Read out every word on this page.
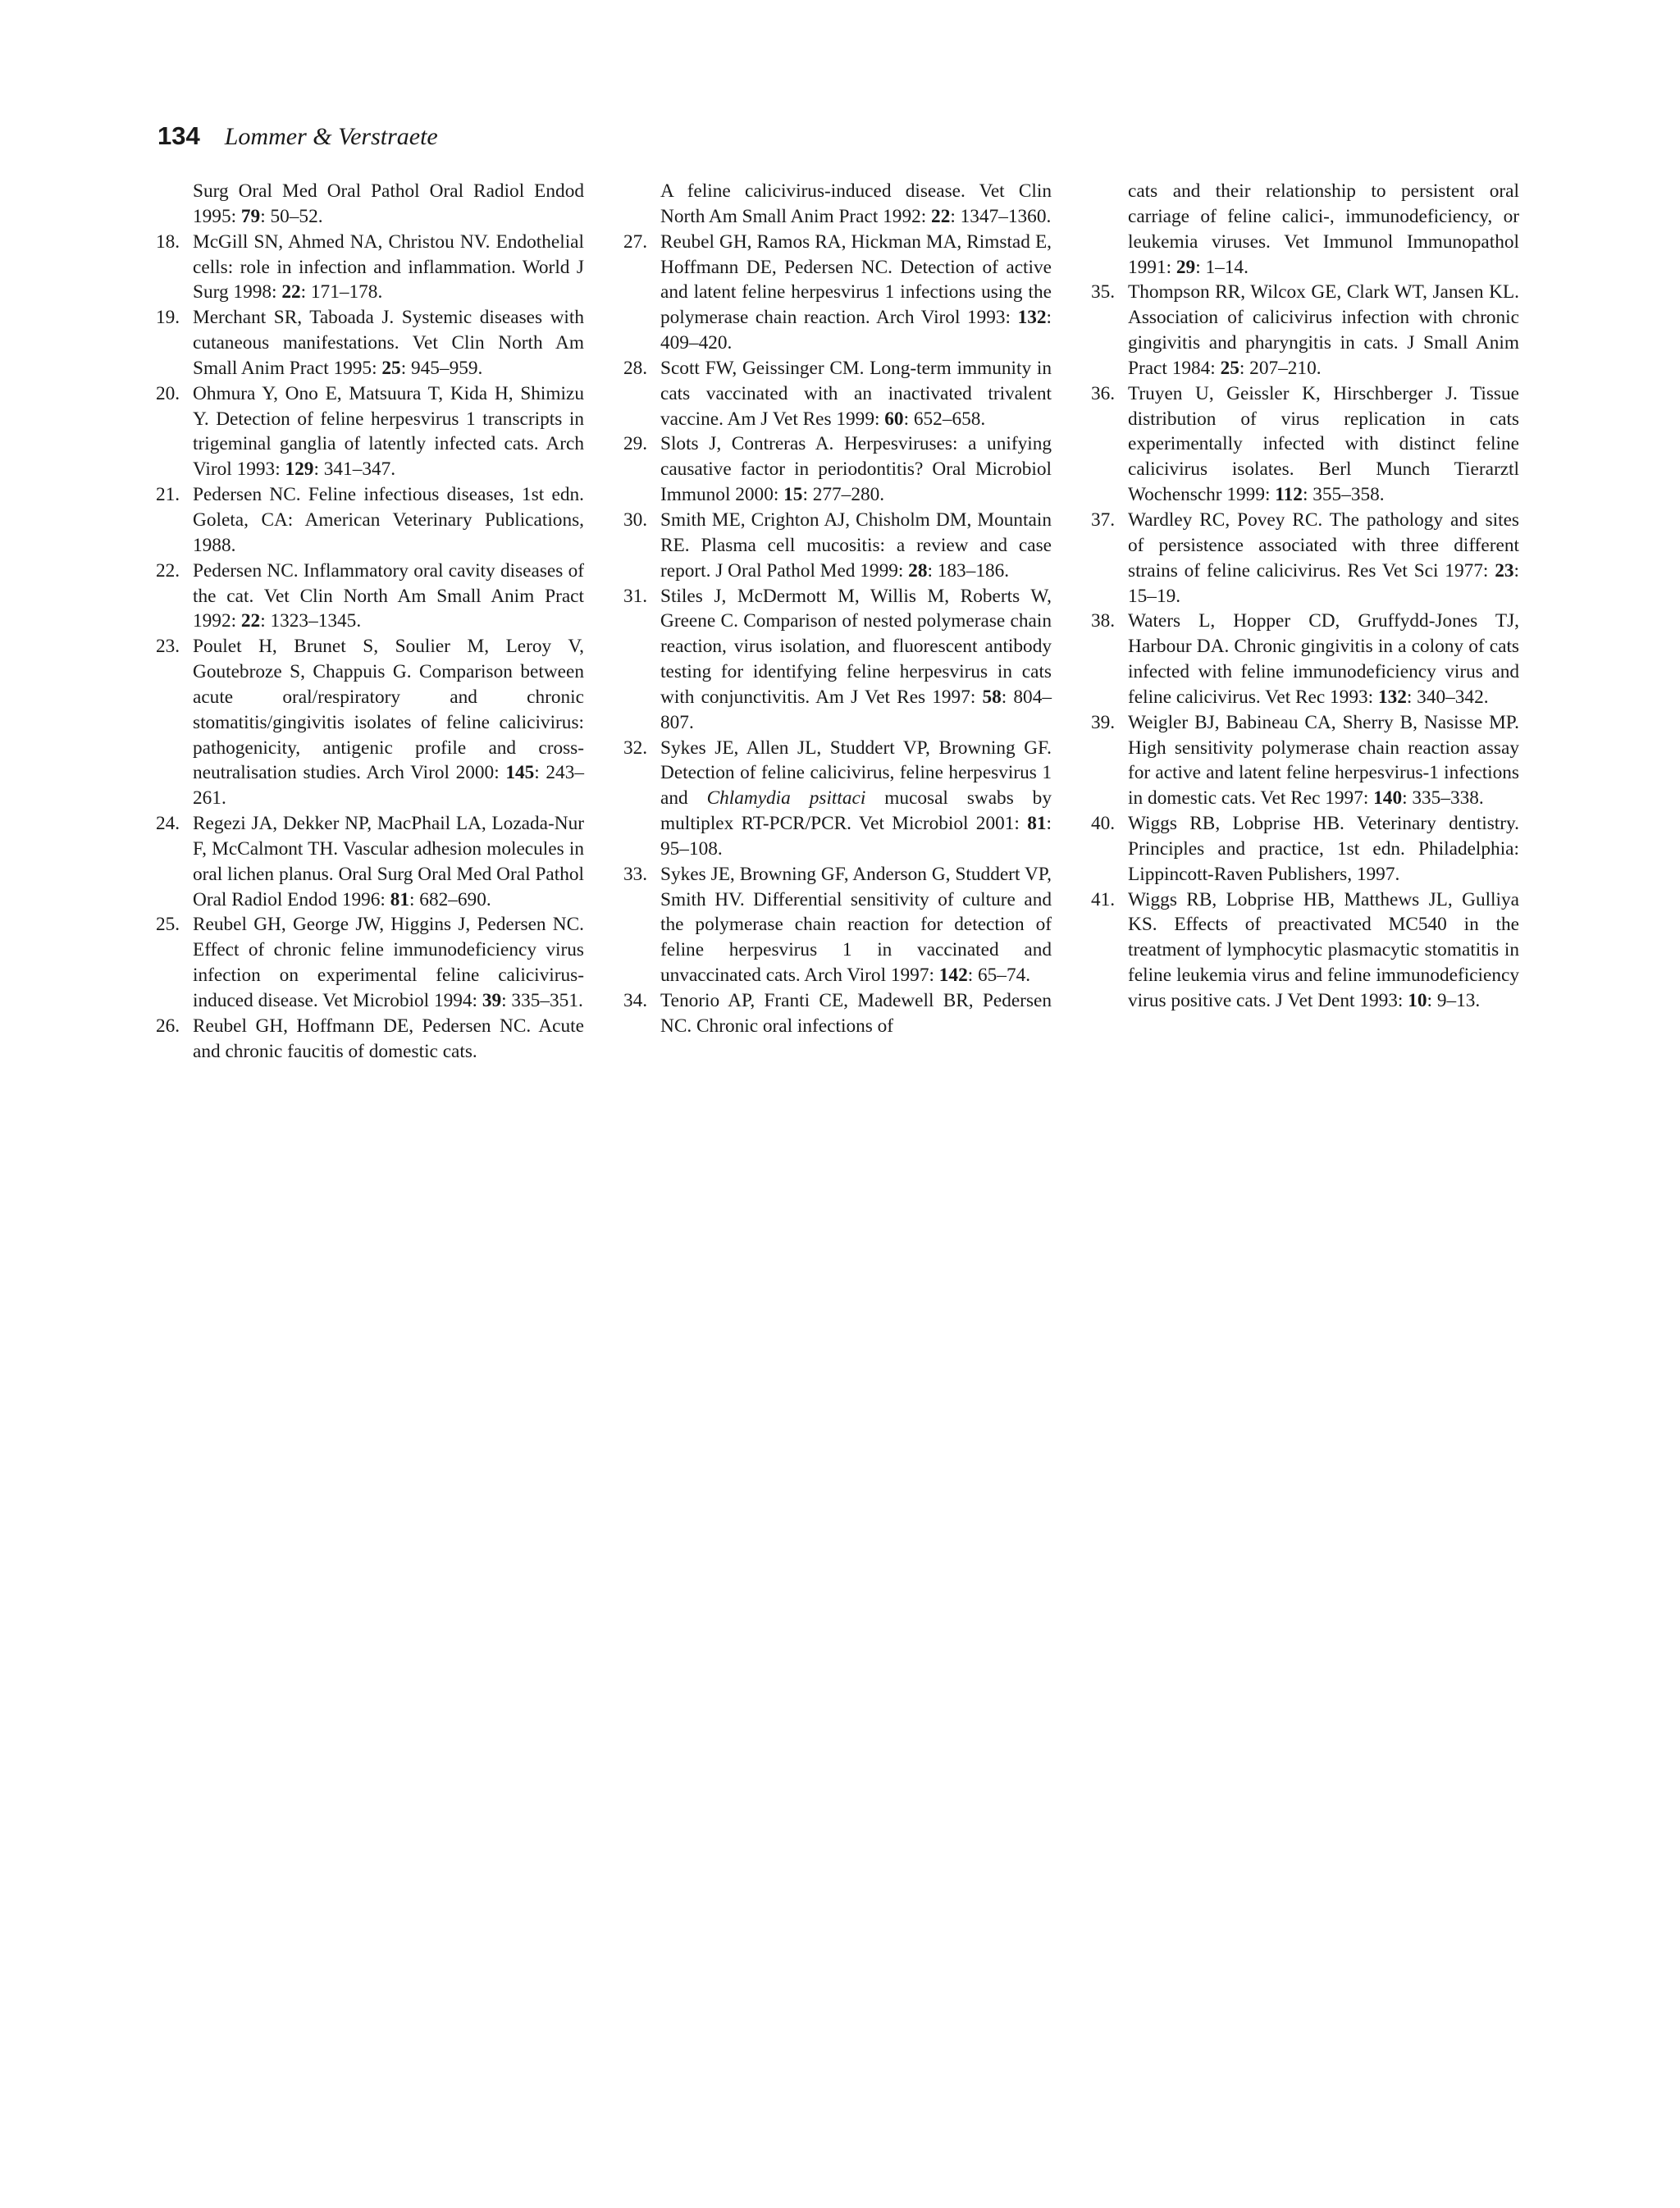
134 Lommer & Verstraete
Surg Oral Med Oral Pathol Oral Radiol Endod 1995: 79: 50–52.
18. McGill SN, Ahmed NA, Christou NV. Endothelial cells: role in infection and inflammation. World J Surg 1998: 22: 171–178.
19. Merchant SR, Taboada J. Systemic diseases with cutaneous manifestations. Vet Clin North Am Small Anim Pract 1995: 25: 945–959.
20. Ohmura Y, Ono E, Matsuura T, Kida H, Shimizu Y. Detection of feline herpesvirus 1 transcripts in trigeminal ganglia of latently infected cats. Arch Virol 1993: 129: 341–347.
21. Pedersen NC. Feline infectious diseases, 1st edn. Goleta, CA: American Veterinary Publications, 1988.
22. Pedersen NC. Inflammatory oral cavity diseases of the cat. Vet Clin North Am Small Anim Pract 1992: 22: 1323–1345.
23. Poulet H, Brunet S, Soulier M, Leroy V, Goutebroze S, Chappuis G. Comparison between acute oral/respiratory and chronic stomatitis/gingivitis isolates of feline calicivirus: pathogenicity, antigenic profile and cross-neutralisation studies. Arch Virol 2000: 145: 243–261.
24. Regezi JA, Dekker NP, MacPhail LA, Lozada-Nur F, McCalmont TH. Vascular adhesion molecules in oral lichen planus. Oral Surg Oral Med Oral Pathol Oral Radiol Endod 1996: 81: 682–690.
25. Reubel GH, George JW, Higgins J, Pedersen NC. Effect of chronic feline immunodeficiency virus infection on experimental feline calicivirus-induced disease. Vet Microbiol 1994: 39: 335–351.
26. Reubel GH, Hoffmann DE, Pedersen NC. Acute and chronic faucitis of domestic cats.
A feline calicivirus-induced disease. Vet Clin North Am Small Anim Pract 1992: 22: 1347–1360.
27. Reubel GH, Ramos RA, Hickman MA, Rimstad E, Hoffmann DE, Pedersen NC. Detection of active and latent feline herpesvirus 1 infections using the polymerase chain reaction. Arch Virol 1993: 132: 409–420.
28. Scott FW, Geissinger CM. Long-term immunity in cats vaccinated with an inactivated trivalent vaccine. Am J Vet Res 1999: 60: 652–658.
29. Slots J, Contreras A. Herpesviruses: a unifying causative factor in periodontitis? Oral Microbiol Immunol 2000: 15: 277–280.
30. Smith ME, Crighton AJ, Chisholm DM, Mountain RE. Plasma cell mucositis: a review and case report. J Oral Pathol Med 1999: 28: 183–186.
31. Stiles J, McDermott M, Willis M, Roberts W, Greene C. Comparison of nested polymerase chain reaction, virus isolation, and fluorescent antibody testing for identifying feline herpesvirus in cats with conjunctivitis. Am J Vet Res 1997: 58: 804–807.
32. Sykes JE, Allen JL, Studdert VP, Browning GF. Detection of feline calicivirus, feline herpesvirus 1 and Chlamydia psittaci mucosal swabs by multiplex RT-PCR/PCR. Vet Microbiol 2001: 81: 95–108.
33. Sykes JE, Browning GF, Anderson G, Studdert VP, Smith HV. Differential sensitivity of culture and the polymerase chain reaction for detection of feline herpesvirus 1 in vaccinated and unvaccinated cats. Arch Virol 1997: 142: 65–74.
34. Tenorio AP, Franti CE, Madewell BR, Pedersen NC. Chronic oral infections of
cats and their relationship to persistent oral carriage of feline calici-, immunodeficiency, or leukemia viruses. Vet Immunol Immunopathol 1991: 29: 1–14.
35. Thompson RR, Wilcox GE, Clark WT, Jansen KL. Association of calicivirus infection with chronic gingivitis and pharyngitis in cats. J Small Anim Pract 1984: 25: 207–210.
36. Truyen U, Geissler K, Hirschberger J. Tissue distribution of virus replication in cats experimentally infected with distinct feline calicivirus isolates. Berl Munch Tierarztl Wochenschr 1999: 112: 355–358.
37. Wardley RC, Povey RC. The pathology and sites of persistence associated with three different strains of feline calicivirus. Res Vet Sci 1977: 23: 15–19.
38. Waters L, Hopper CD, Gruffydd-Jones TJ, Harbour DA. Chronic gingivitis in a colony of cats infected with feline immunodeficiency virus and feline calicivirus. Vet Rec 1993: 132: 340–342.
39. Weigler BJ, Babineau CA, Sherry B, Nasisse MP. High sensitivity polymerase chain reaction assay for active and latent feline herpesvirus-1 infections in domestic cats. Vet Rec 1997: 140: 335–338.
40. Wiggs RB, Lobprise HB. Veterinary dentistry. Principles and practice, 1st edn. Philadelphia: Lippincott-Raven Publishers, 1997.
41. Wiggs RB, Lobprise HB, Matthews JL, Gulliya KS. Effects of preactivated MC540 in the treatment of lymphocytic plasmacytic stomatitis in feline leukemia virus and feline immunodeficiency virus positive cats. J Vet Dent 1993: 10: 9–13.
